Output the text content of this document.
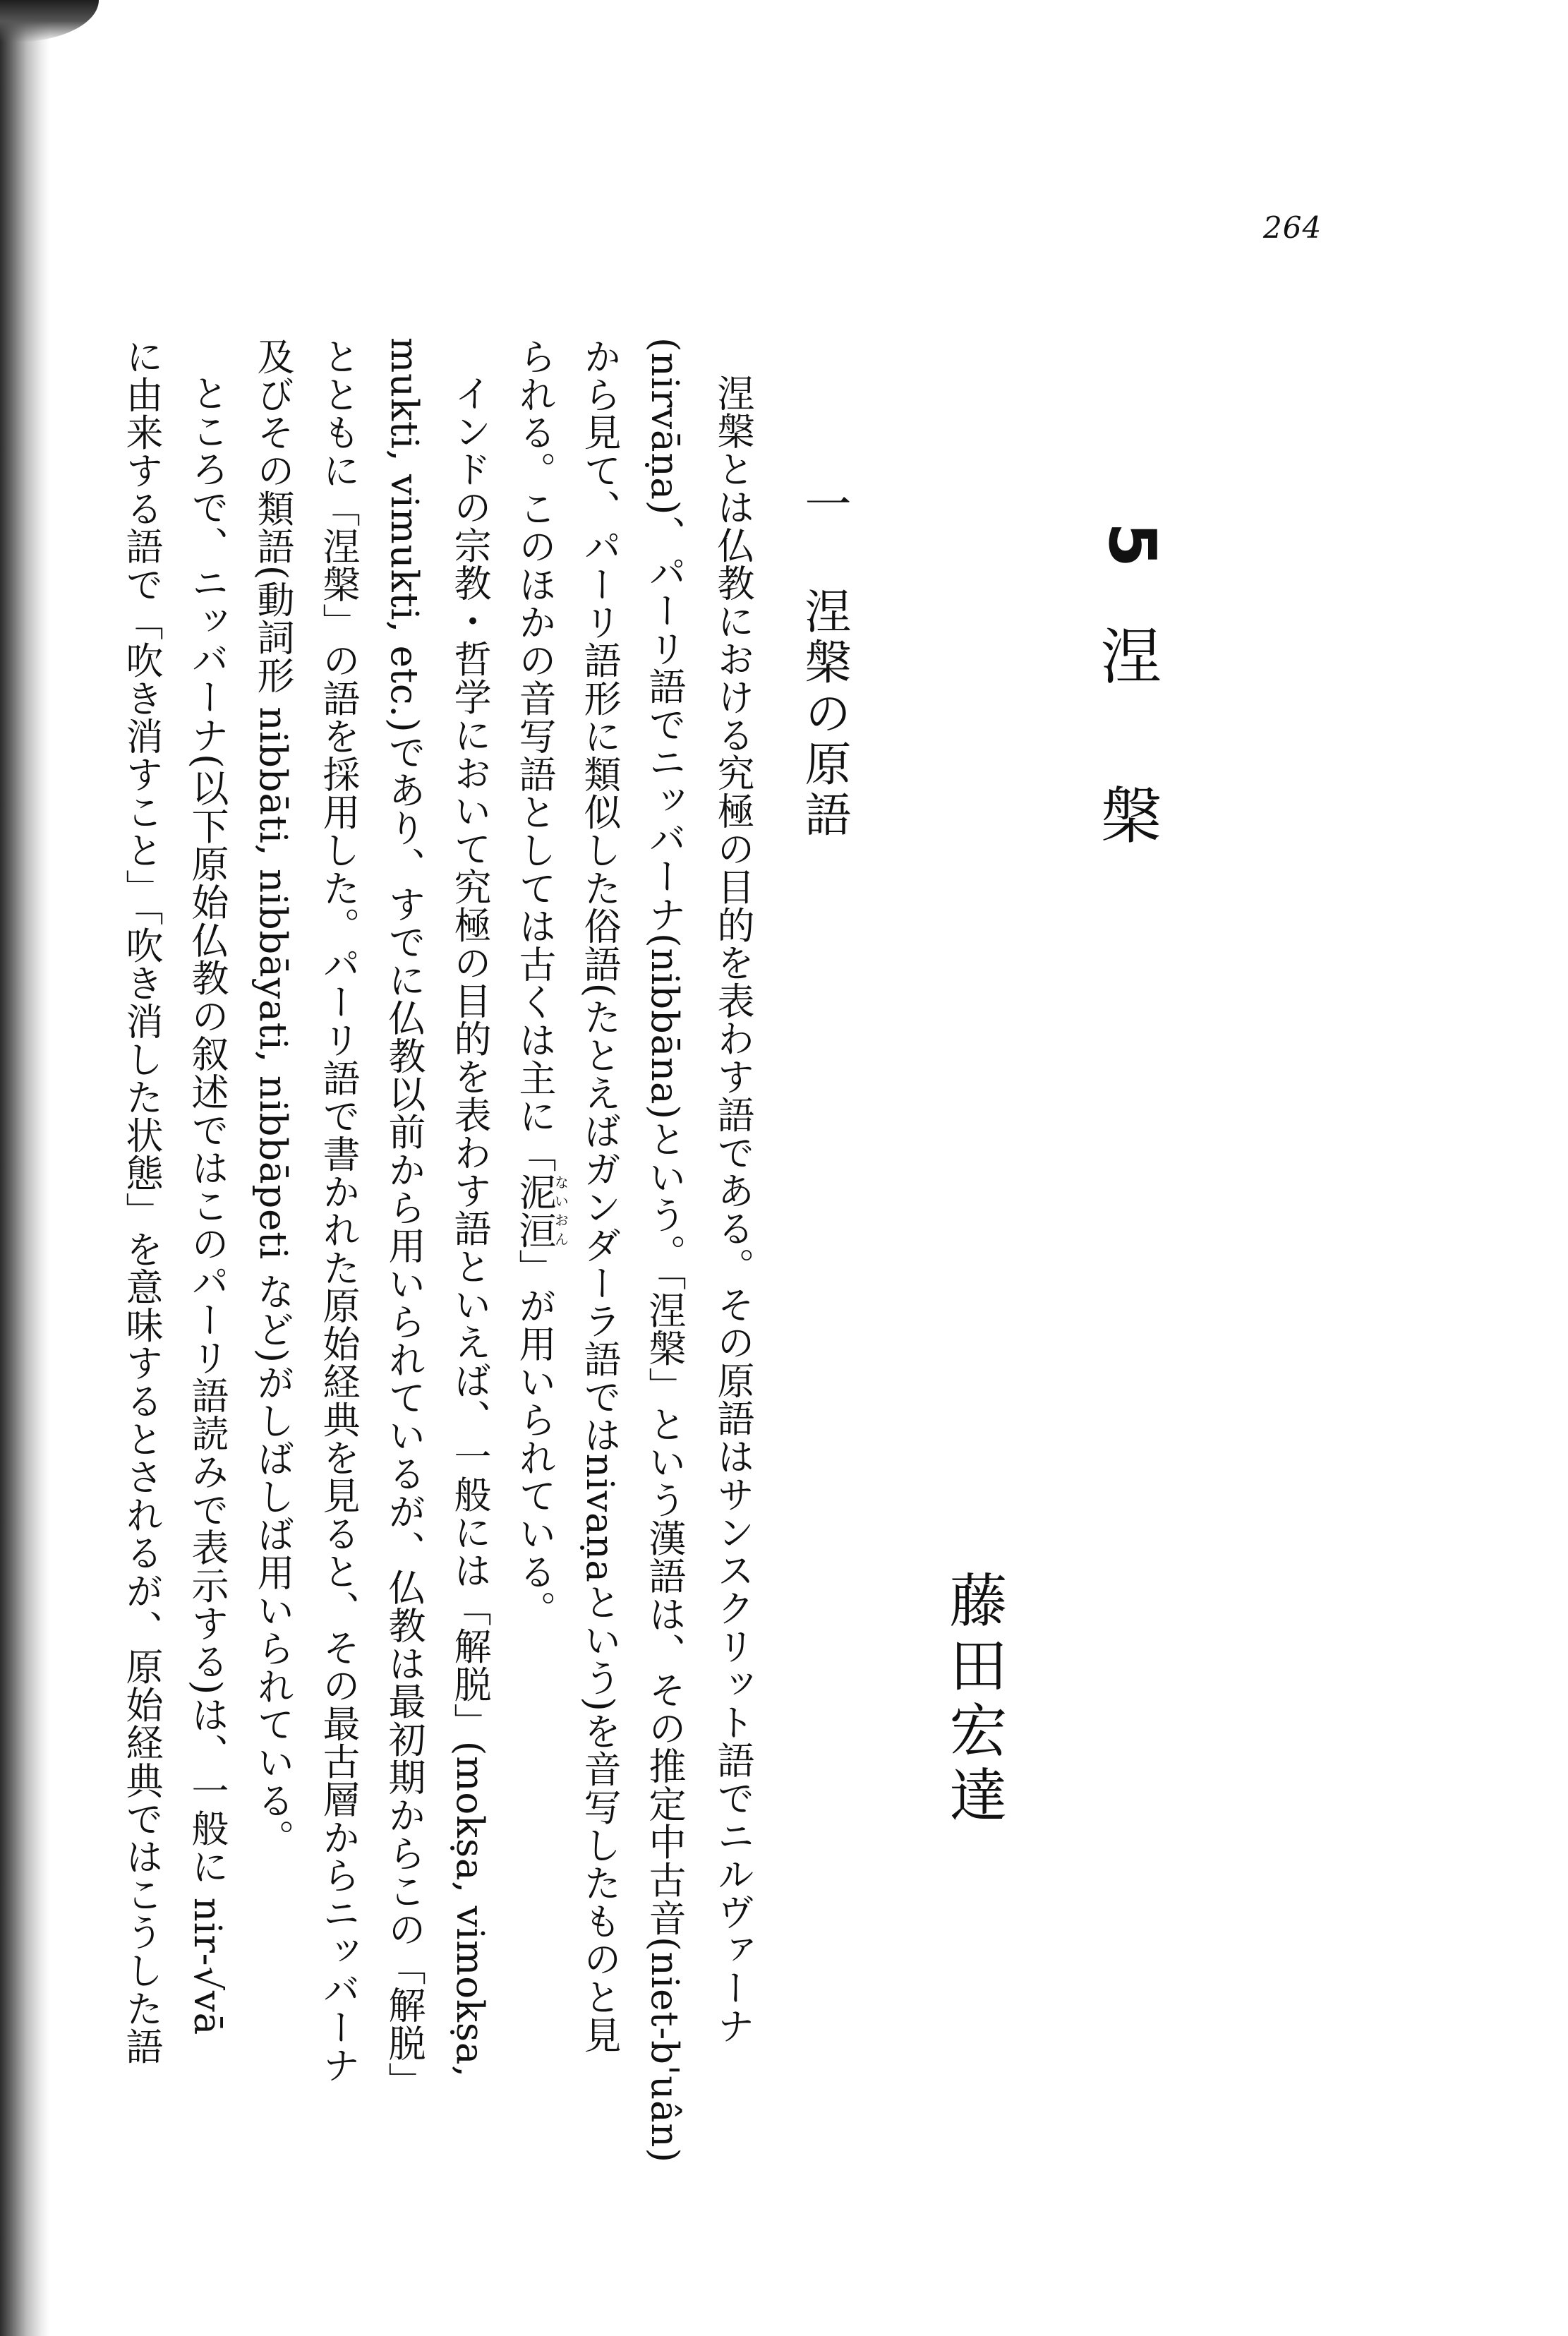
264
5
涅槃
藤田宏達
一涅槃の原語
涅槃とは仏教における究極の目的を表わす語である。その原語はサンスクリット語でニルヴァーナ
(nirvāṇa)、パーリ語でニッバーナ(nibbāna)という。「涅槃」という漢語は、その推定中古音(niet-b'uân)
から見て、パーリ語形に類似した俗語(たとえばガンダーラ語ではnivaṇaという)を音写したものと見
られる。このほかの音写語としては古くは主に「泥洹ないおん」が用いられている。
インドの宗教・哲学において究極の目的を表わす語といえば、一般には「解脱」(mokṣa, vimokṣa,
mukti, vimukti, etc.)であり、すでに仏教以前から用いられているが、仏教は最初期からこの「解脱」
とともに「涅槃」の語を採用した。パーリ語で書かれた原始経典を見ると、その最古層からニッバーナ
及びその類語(動詞形 nibbāti, nibbāyati, nibbāpeti など)がしばしば用いられている。
ところで、ニッバーナ(以下原始仏教の叙述ではこのパーリ語読みで表示する)は、一般に nir-√vā
に由来する語で「吹き消すこと」「吹き消した状態」を意味するとされるが、原始経典ではこうした語
